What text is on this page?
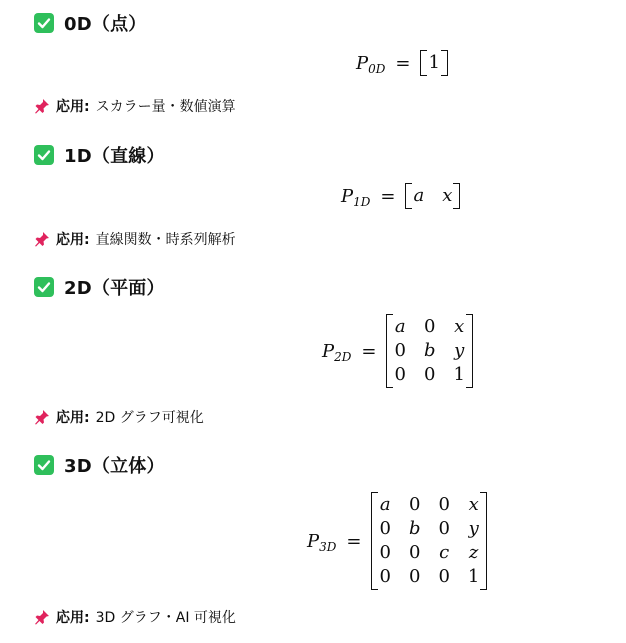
0D（点）
P 0D = 1
応用: スカラー量・数値演算
1D（直線）
P 1D = a x
応用: 直線関数・時系列解析
2D（平面）
P 2D =
a 0 x
0 b y
0 0 1
応用: 2D グラフ可視化
3D（立体）
P 3D =
a 0 0 x
0 b 0 y
0 0 c z
0 0 0 1
応用: 3D グラフ・AI 可視化
